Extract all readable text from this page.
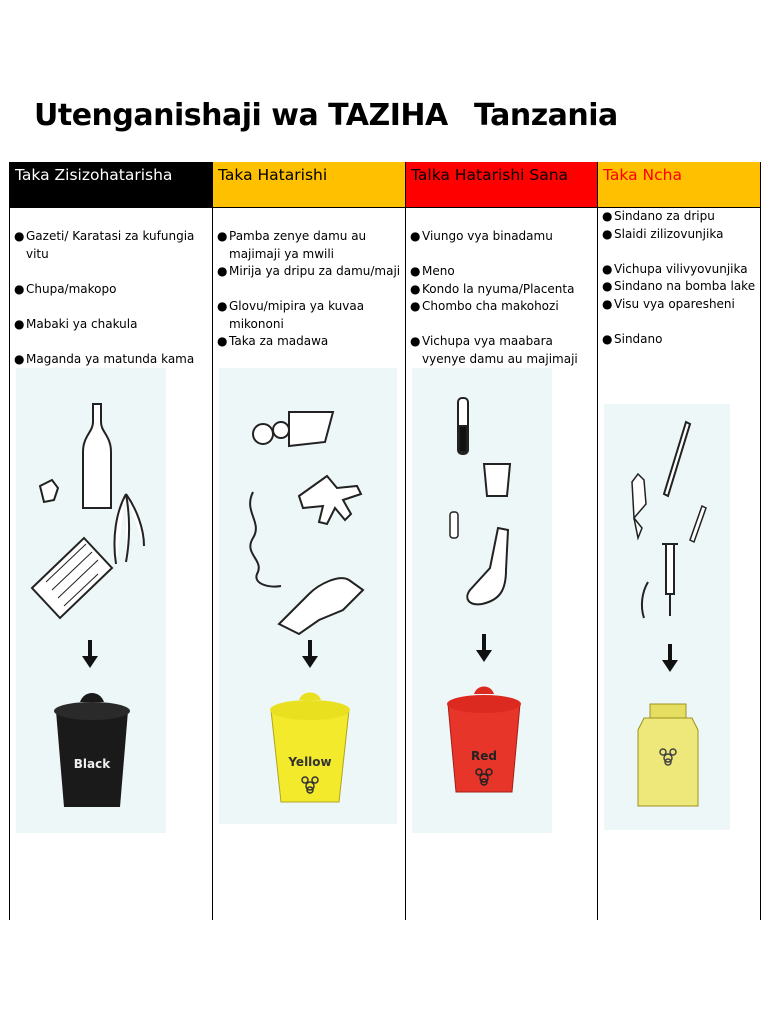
Utenganishaji wa TAZIHA Tanzania
Taka Zisizohatarisha
● Gazeti/ Karatasi za kufungia vitu
● Chupa/makopo
● Mabaki ya chakula
● Maganda ya matunda kama
Black
Taka Hatarishi
● Pamba zenye damu au majimaji ya mwili
● Mirija ya dripu za damu/maji
● Glovu/mipira ya kuvaa mikononi
● Taka za madawa
Yellow
Talka Hatarishi Sana
● Viungo vya binadamu
● Meno
● Kondo la nyuma/Placenta
● Chombo cha makohozi
● Vichupa vya maabara vyenye damu au majimaji
Red
Taka Ncha
● Sindano za dripu
● Slaidi zilizovunjika
● Vichupa vilivyovunjika
● Sindano na bomba lake
● Visu vya oparesheni
● Sindano
